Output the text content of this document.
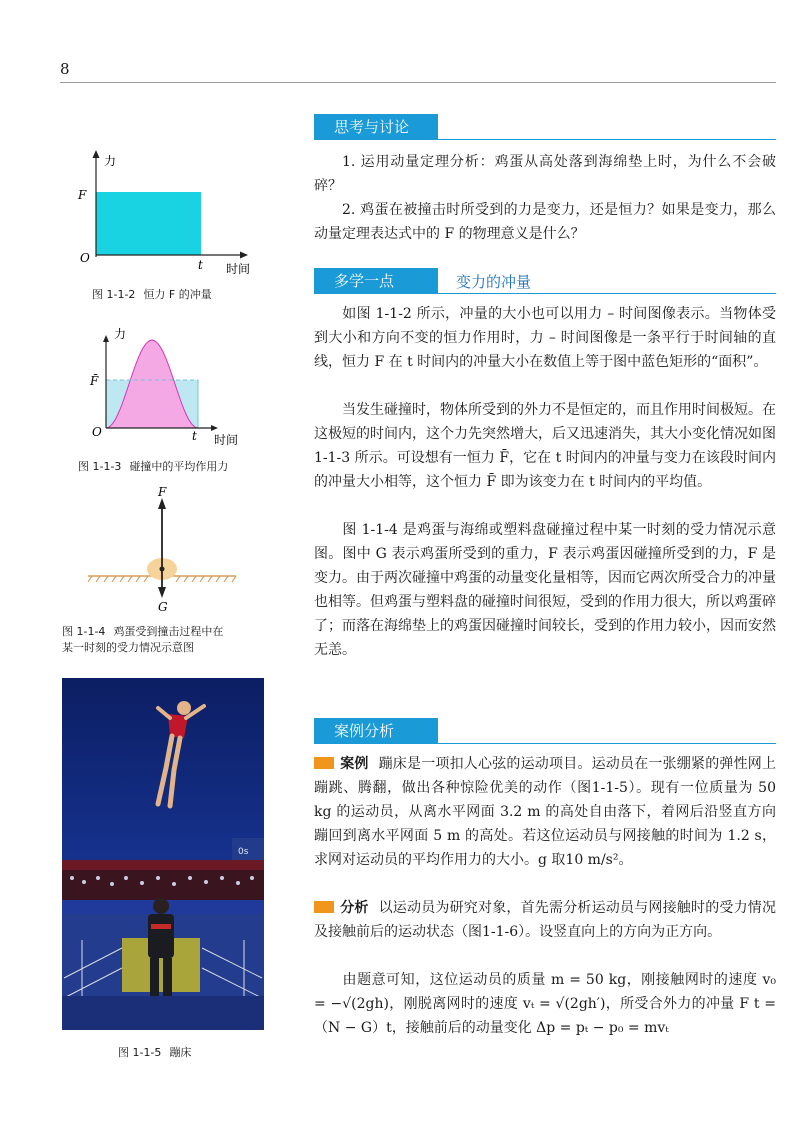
8
力
F
O	t 时间
图 1-1-2 恒力 F 的冲量
力
F̄
O	t 时间
图 1-1-3 碰撞中的平均作用力
F
G
图 1-1-4 鸡蛋受到撞击过程中在
某一时刻的受力情况示意图
0s
图 1-1-5 蹦床
思考与讨论

1. 运用动量定理分析：鸡蛋从高处落到海绵垫上时，为什么不会破碎？

2. 鸡蛋在被撞击时所受到的力是变力，还是恒力？如果是变力，那么动量定理表达式中的 F 的物理意义是什么？

多学一点	变力的冲量

如图 1-1-2 所示，冲量的大小也可以用力 – 时间图像表示。当物体受到大小和方向不变的恒力作用时，力 – 时间图像是一条平行于时间轴的直线，恒力 F 在 t 时间内的冲量大小在数值上等于图中蓝色矩形的“面积”。

当发生碰撞时，物体所受到的外力不是恒定的，而且作用时间极短。在这极短的时间内，这个力先突然增大，后又迅速消失，其大小变化情况如图 1-1-3 所示。可设想有一恒力 F̄，它在 t 时间内的冲量与变力在该段时间内的冲量大小相等，这个恒力 F̄ 即为该变力在 t 时间内的平均值。

图 1-1-4 是鸡蛋与海绵或塑料盘碰撞过程中某一时刻的受力情况示意图。图中 G 表示鸡蛋所受到的重力，F 表示鸡蛋因碰撞所受到的力，F 是变力。由于两次碰撞中鸡蛋的动量变化量相等，因而它两次所受合力的冲量也相等。但鸡蛋与塑料盘的碰撞时间很短，受到的作用力很大，所以鸡蛋碎了；而落在海绵垫上的鸡蛋因碰撞时间较长，受到的作用力较小，因而安然无恙。

案例分析

案例 蹦床是一项扣人心弦的运动项目。运动员在一张绷紧的弹性网上蹦跳、腾翻，做出各种惊险优美的动作（图1-1-5）。现有一位质量为 50 kg 的运动员，从离水平网面 3.2 m 的高处自由落下，着网后沿竖直方向蹦回到离水平网面 5 m 的高处。若这位运动员与网接触的时间为 1.2 s，求网对运动员的平均作用力的大小。g 取10 m/s²。

分析 以运动员为研究对象，首先需分析运动员与网接触时的受力情况及接触前后的运动状态（图1-1-6）。设竖直向上的方向为正方向。

由题意可知，这位运动员的质量 m = 50 kg，刚接触网时的速度 v₀ = −√(2gh)，刚脱离网时的速度 vₜ = √(2gh′)，所受合外力的冲量 F t = （N − G）t，接触前后的动量变化 Δp = pₜ − p₀ = mvₜ
